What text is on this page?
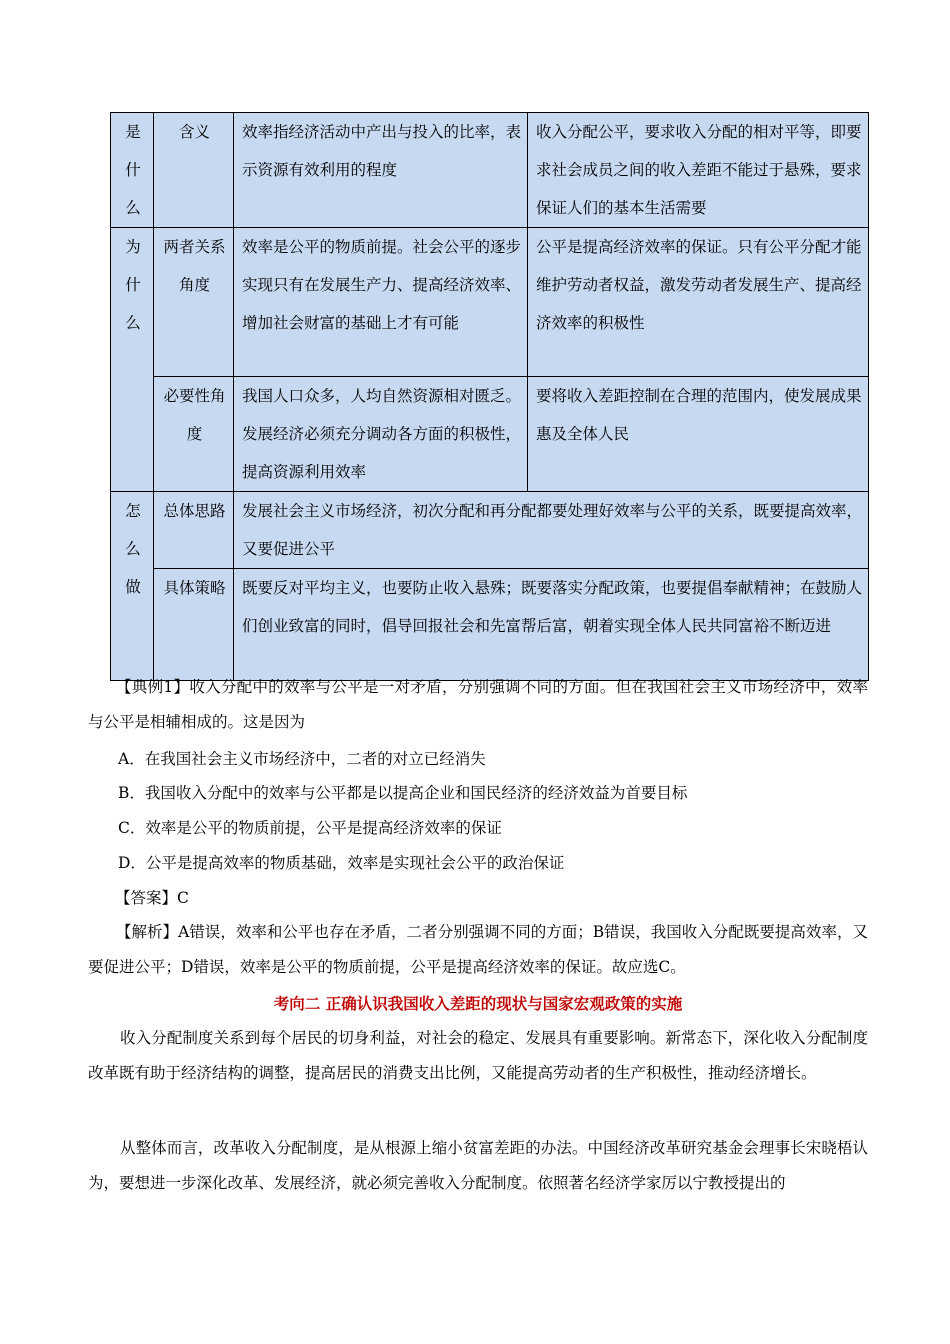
是什么	含义	效率指经济活动中产出与投入的比率，表示资源有效利用的程度	收入分配公平，要求收入分配的相对平等，即要求社会成员之间的收入差距不能过于悬殊，要求保证人们的基本生活需要
为什么	两者关系角度	效率是公平的物质前提。社会公平的逐步实现只有在发展生产力、提高经济效率、增加社会财富的基础上才有可能	公平是提高经济效率的保证。只有公平分配才能维护劳动者权益，激发劳动者发展生产、提高经济效率的积极性
	必要性角度	我国人口众多，人均自然资源相对匮乏。发展经济必须充分调动各方面的积极性，提高资源利用效率	要将收入差距控制在合理的范围内，使发展成果惠及全体人民
怎么做	总体思路	发展社会主义市场经济，初次分配和再分配都要处理好效率与公平的关系，既要提高效率，又要促进公平	
	具体策略	既要反对平均主义，也要防止收入悬殊；既要落实分配政策，也要提倡奉献精神；在鼓励人们创业致富的同时，倡导回报社会和先富帮后富，朝着实现全体人民共同富裕不断迈进	
【典例1】收入分配中的效率与公平是一对矛盾，分别强调不同的方面。但在我国社会主义市场经济中，效率与公平是相辅相成的。这是因为
A．在我国社会主义市场经济中，二者的对立已经消失
B．我国收入分配中的效率与公平都是以提高企业和国民经济的经济效益为首要目标
C．效率是公平的物质前提，公平是提高经济效率的保证
D．公平是提高效率的物质基础，效率是实现社会公平的政治保证
【答案】C
【解析】A错误，效率和公平也存在矛盾，二者分别强调不同的方面；B错误，我国收入分配既要提高效率，又要促进公平；D错误，效率是公平的物质前提，公平是提高经济效率的保证。故应选C。
考向二 正确认识我国收入差距的现状与国家宏观政策的实施
收入分配制度关系到每个居民的切身利益，对社会的稳定、发展具有重要影响。新常态下，深化收入分配制度改革既有助于经济结构的调整，提高居民的消费支出比例，又能提高劳动者的生产积极性，推动经济增长。
从整体而言，改革收入分配制度，是从根源上缩小贫富差距的办法。中国经济改革研究基金会理事长宋晓梧认为，要想进一步深化改革、发展经济，就必须完善收入分配制度。依照著名经济学家厉以宁教授提出的
